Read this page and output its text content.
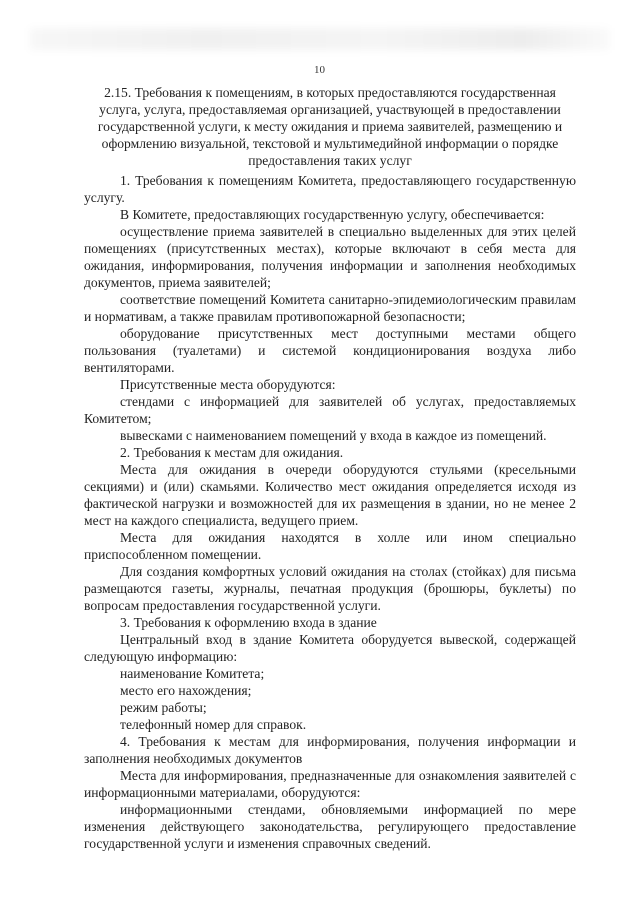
10
2.15. Требования к помещениям, в которых предоставляются государственная услуга, услуга, предоставляемая организацией, участвующей в предоставлении государственной услуги, к месту ожидания и приема заявителей, размещению и оформлению визуальной, текстовой и мультимедийной информации о порядке предоставления таких услуг

1. Требования к помещениям Комитета, предоставляющего государственную услугу.

В Комитете, предоставляющих государственную услугу, обеспечивается:

осуществление приема заявителей в специально выделенных для этих целей помещениях (присутственных местах), которые включают в себя места для ожидания, информирования, получения информации и заполнения необходимых документов, приема заявителей;

соответствие помещений Комитета санитарно-эпидемиологическим правилам и нормативам, а также правилам противопожарной безопасности;

оборудование присутственных мест доступными местами общего пользования (туалетами) и системой кондиционирования воздуха либо вентиляторами.

Присутственные места оборудуются:

стендами с информацией для заявителей об услугах, предоставляемых Комитетом;

вывесками с наименованием помещений у входа в каждое из помещений.

2. Требования к местам для ожидания.

Места для ожидания в очереди оборудуются стульями (кресельными секциями) и (или) скамьями. Количество мест ожидания определяется исходя из фактической нагрузки и возможностей для их размещения в здании, но не менее 2 мест на каждого специалиста, ведущего прием.

Места для ожидания находятся в холле или ином специально приспособленном помещении.

Для создания комфортных условий ожидания на столах (стойках) для письма размещаются газеты, журналы, печатная продукция (брошюры, буклеты) по вопросам предоставления государственной услуги.

3. Требования к оформлению входа в здание

Центральный вход в здание Комитета оборудуется вывеской, содержащей следующую информацию:

наименование Комитета;

место его нахождения;

режим работы;

телефонный номер для справок.

4. Требования к местам для информирования, получения информации и заполнения необходимых документов

Места для информирования, предназначенные для ознакомления заявителей с информационными материалами, оборудуются:

информационными стендами, обновляемыми информацией по мере изменения действующего законодательства, регулирующего предоставление государственной услуги и изменения справочных сведений.
